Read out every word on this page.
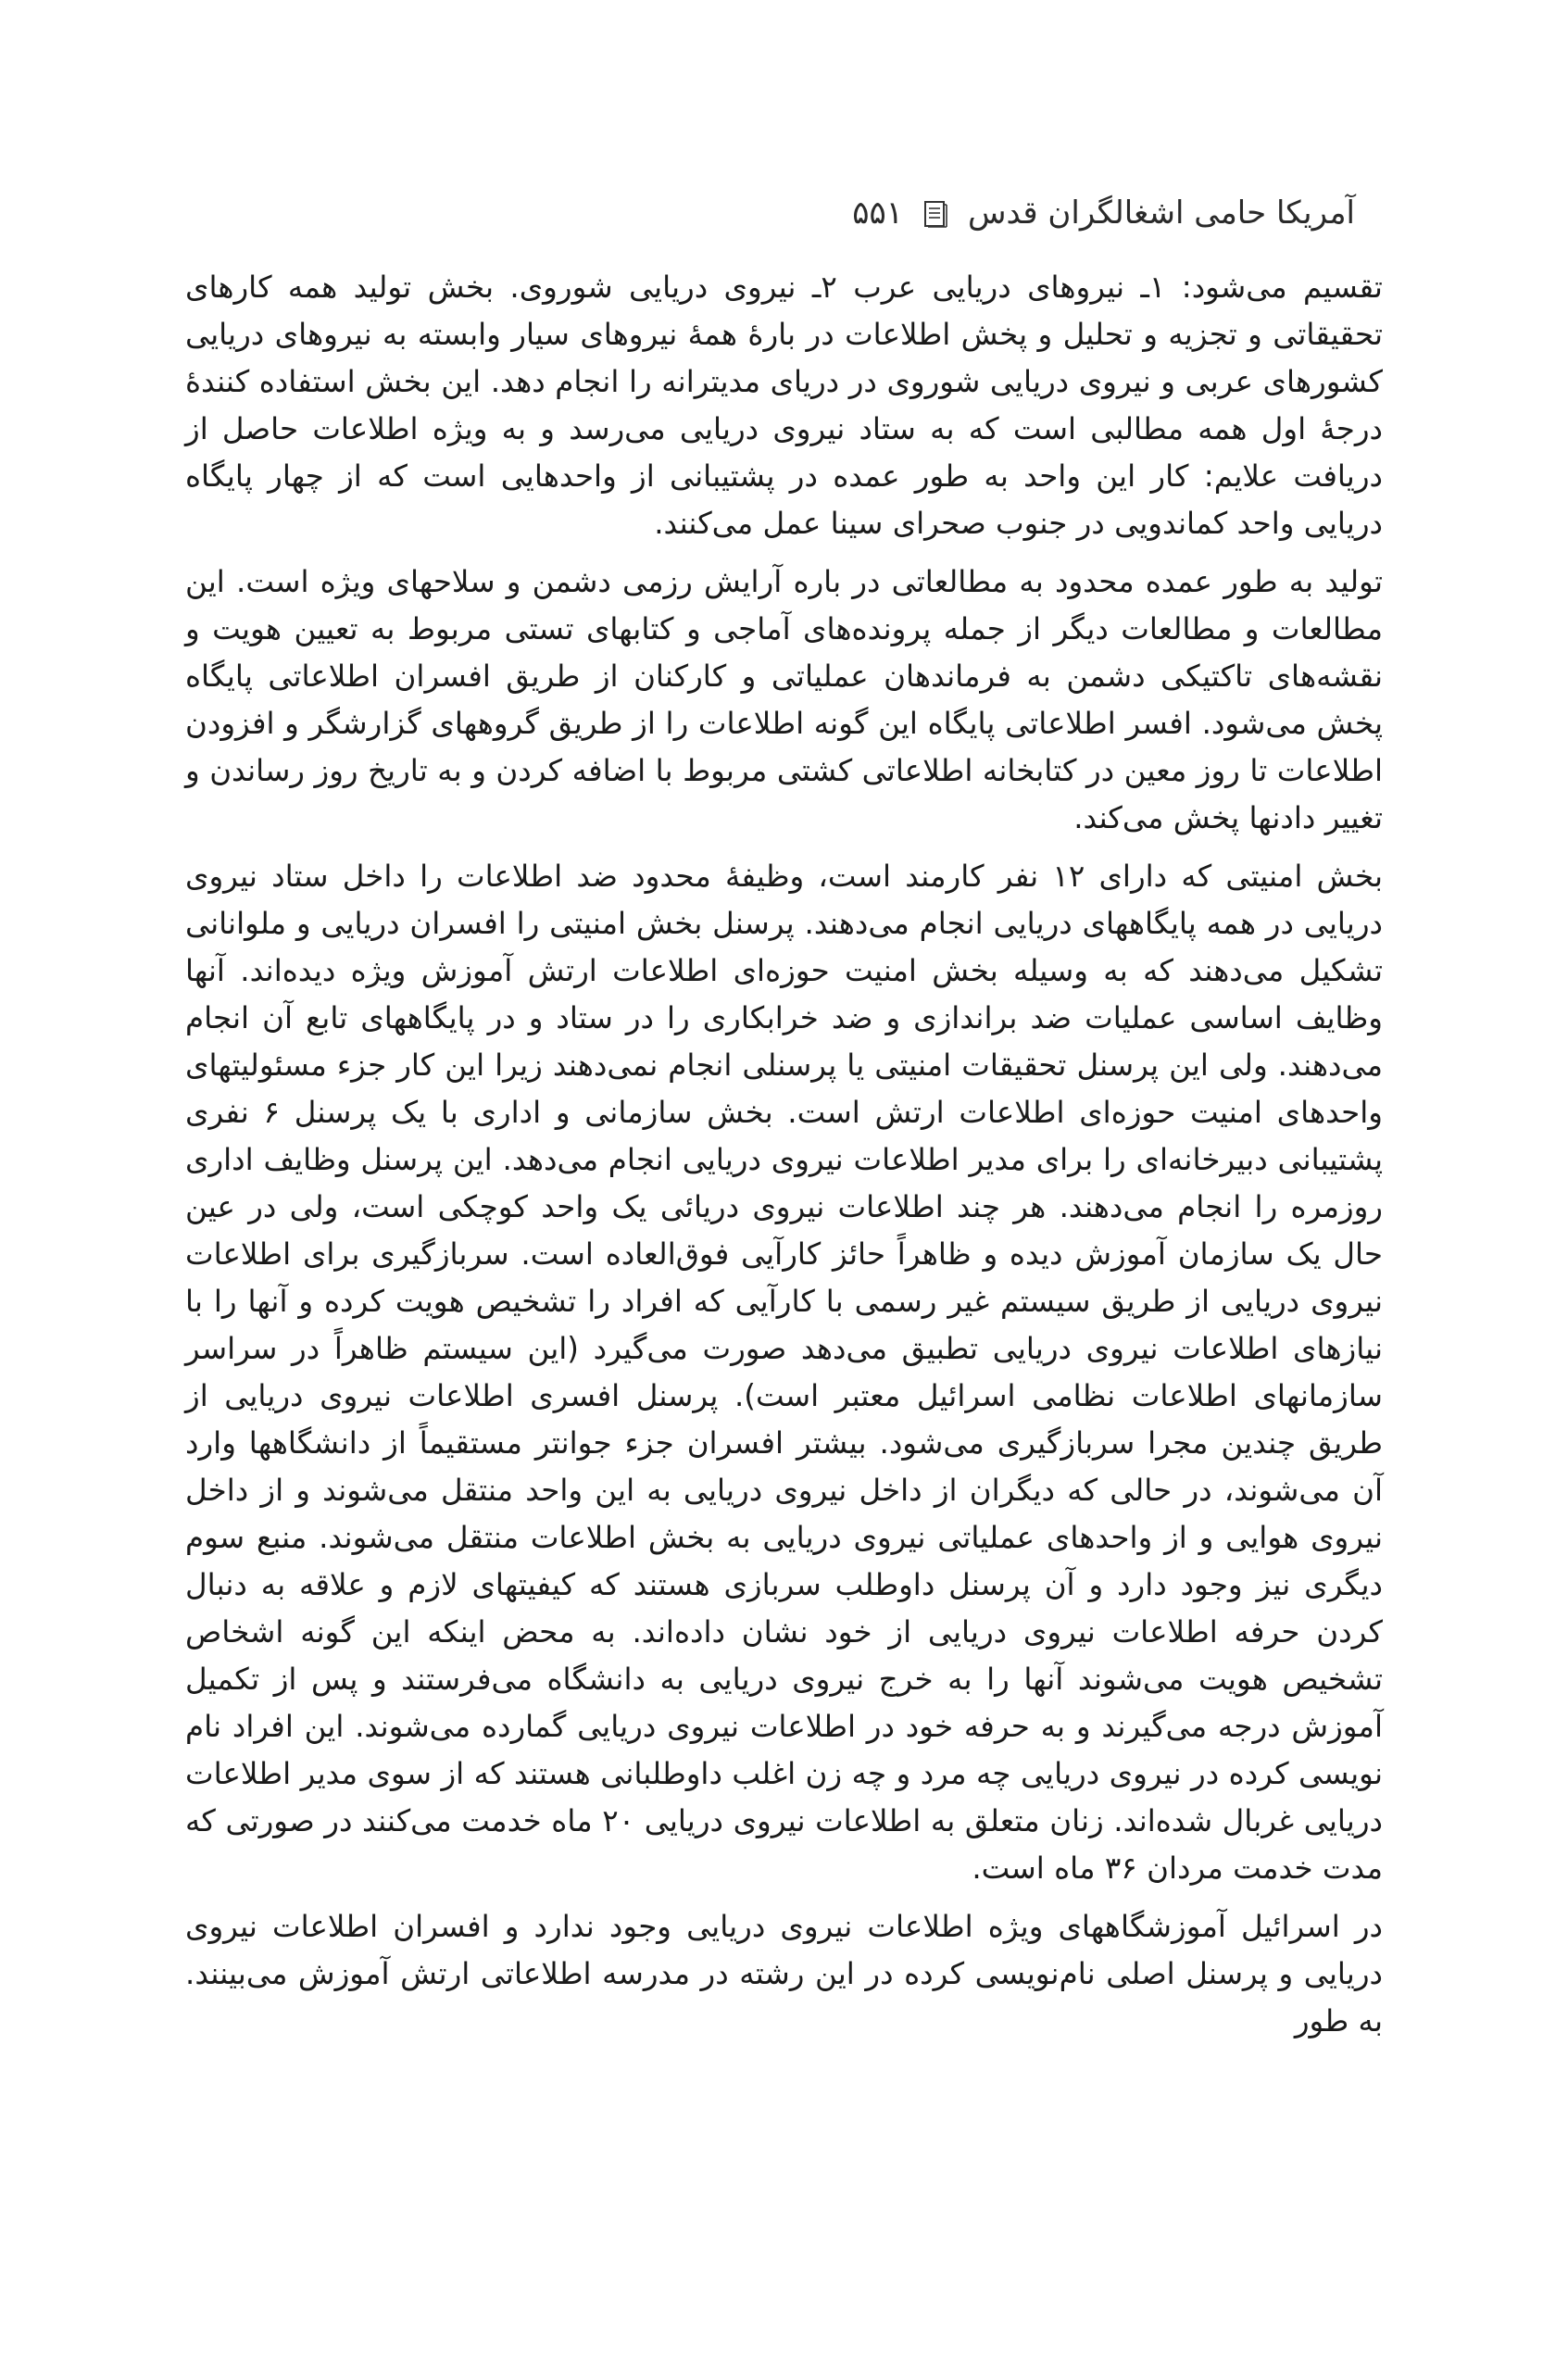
آمریکا حامی اشغالگران قدس
۵۵۱

تقسیم می‌شود: ۱ـ نیروهای دریایی عرب ۲ـ نیروی دریایی شوروی. بخش تولید همه کارهای تحقیقاتی و تجزیه و تحلیل و پخش اطلاعات در بارهٔ همهٔ نیروهای سیار وابسته به نیروهای دریایی کشورهای عربی و نیروی دریایی شوروی در دریای مدیترانه را انجام دهد. این بخش استفاده کنندهٔ درجهٔ اول همه مطالبی است که به ستاد نیروی دریایی می‌رسد و به ویژه اطلاعات حاصل از دریافت علایم: کار این واحد به طور عمده در پشتیبانی از واحدهایی است که از چهار پایگاه دریایی واحد کماندویی در جنوب صحرای سینا عمل می‌کنند.

تولید به طور عمده محدود به مطالعاتی در باره آرایش رزمی دشمن و سلاحهای ویژه است. این مطالعات و مطالعات دیگر از جمله پرونده‌های آماجی و کتابهای تستی مربوط به تعیین هویت و نقشه‌های تاکتیکی دشمن به فرماندهان عملیاتی و کارکنان از طریق افسران اطلاعاتی پایگاه پخش می‌شود. افسر اطلاعاتی پایگاه این گونه اطلاعات را از طریق گروههای گزارشگر و افزودن اطلاعات تا روز معین در کتابخانه اطلاعاتی کشتی مربوط با اضافه کردن و به تاریخ روز رساندن و تغییر دادنها پخش می‌کند.

بخش امنیتی که دارای ۱۲ نفر کارمند است، وظیفهٔ محدود ضد اطلاعات را داخل ستاد نیروی دریایی در همه پایگاههای دریایی انجام می‌دهند. پرسنل بخش امنیتی را افسران دریایی و ملوانانی تشکیل می‌دهند که به وسیله بخش امنیت حوزه‌ای اطلاعات ارتش آموزش ویژه دیده‌اند. آنها وظایف اساسی عملیات ضد براندازی و ضد خرابکاری را در ستاد و در پایگاههای تابع آن انجام می‌دهند. ولی این پرسنل تحقیقات امنیتی یا پرسنلی انجام نمی‌دهند زیرا این کار جزء مسئولیتهای واحدهای امنیت حوزه‌ای اطلاعات ارتش است. بخش سازمانی و اداری با یک پرسنل ۶ نفری پشتیبانی دبیرخانه‌ای را برای مدیر اطلاعات نیروی دریایی انجام می‌دهد. این پرسنل وظایف اداری روزمره را انجام می‌دهند. هر چند اطلاعات نیروی دریائی یک واحد کوچکی است، ولی در عین حال یک سازمان آموزش دیده و ظاهراً حائز کارآیی فوق‌العاده است. سربازگیری برای اطلاعات نیروی دریایی از طریق سیستم غیر رسمی با کارآیی که افراد را تشخیص هویت کرده و آنها را با نیازهای اطلاعات نیروی دریایی تطبیق می‌دهد صورت می‌گیرد (این سیستم ظاهراً در سراسر سازمانهای اطلاعات نظامی اسرائیل معتبر است). پرسنل افسری اطلاعات نیروی دریایی از طریق چندین مجرا سربازگیری می‌شود. بیشتر افسران جزء جوانتر مستقیماً از دانشگاهها وارد آن می‌شوند، در حالی که دیگران از داخل نیروی دریایی به این واحد منتقل می‌شوند و از داخل نیروی هوایی و از واحدهای عملیاتی نیروی دریایی به بخش اطلاعات منتقل می‌شوند. منبع سوم دیگری نیز وجود دارد و آن پرسنل داوطلب سربازی هستند که کیفیتهای لازم و علاقه به دنبال کردن حرفه اطلاعات نیروی دریایی از خود نشان داده‌اند. به محض اینکه این گونه اشخاص تشخیص هویت می‌شوند آنها را به خرج نیروی دریایی به دانشگاه می‌فرستند و پس از تکمیل آموزش درجه می‌گیرند و به حرفه خود در اطلاعات نیروی دریایی گمارده می‌شوند. این افراد نام نویسی کرده در نیروی دریایی چه مرد و چه زن اغلب داوطلبانی هستند که از سوی مدیر اطلاعات دریایی غربال شده‌اند. زنان متعلق به اطلاعات نیروی دریایی ۲۰ ماه خدمت می‌کنند در صورتی که مدت خدمت مردان ۳۶ ماه است.

در اسرائیل آموزشگاههای ویژه اطلاعات نیروی دریایی وجود ندارد و افسران اطلاعات نیروی دریایی و پرسنل اصلی نام‌نویسی کرده در این رشته در مدرسه اطلاعاتی ارتش آموزش می‌بینند. به طور
